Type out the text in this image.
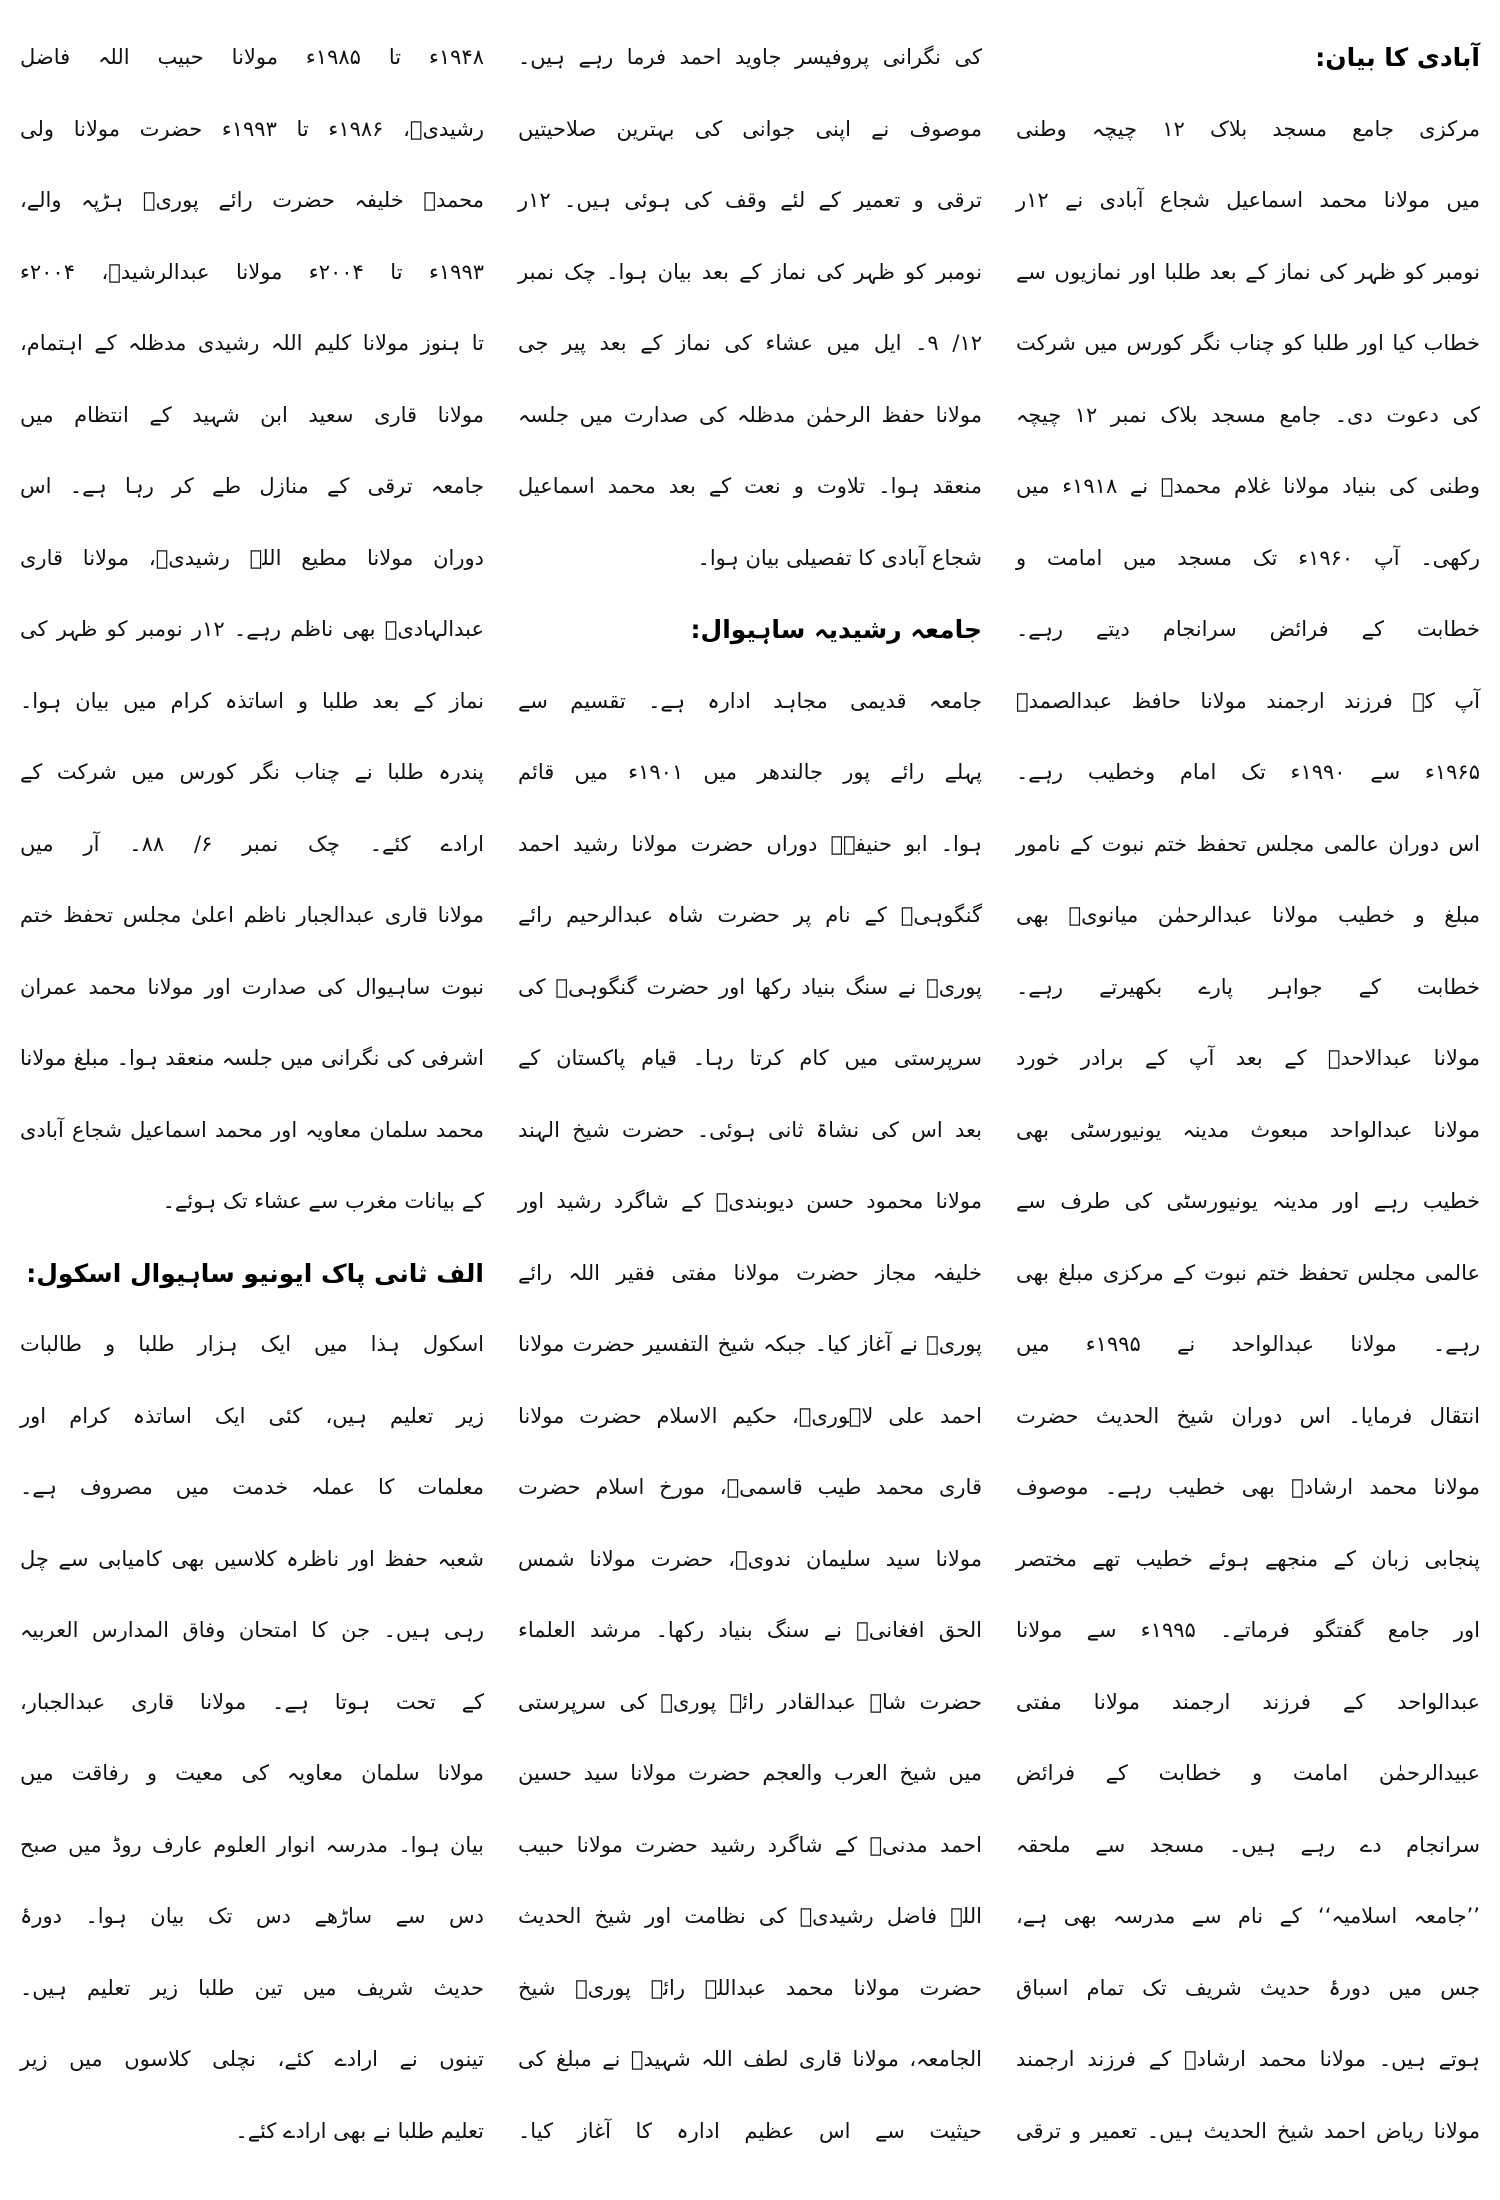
آبادی کا بیان:
مرکزی جامع مسجد بلاک ۱۲ چیچہ وطنی
میں مولانا محمد اسماعیل شجاع آبادی نے ۱۲ر
نومبر کو ظہر کی نماز کے بعد طلبا اور نمازیوں سے
خطاب کیا اور طلبا کو چناب نگر کورس میں شرکت
کی دعوت دی۔ جامع مسجد بلاک نمبر ۱۲ چیچہ
وطنی کی بنیاد مولانا غلام محمدؒ نے ۱۹۱۸ء میں
رکھی۔ آپ ۱۹۶۰ء تک مسجد میں امامت و
خطابت کے فرائض سرانجام دیتے رہے۔
آپ کے فرزند ارجمند مولانا حافظ عبدالصمدؒ
۱۹۶۵ء سے ۱۹۹۰ء تک امام وخطیب رہے۔
اس دوران عالمی مجلس تحفظ ختم نبوت کے نامور
مبلغ و خطیب مولانا عبدالرحمٰن میانویؒ بھی
خطابت کے جواہر پارے بکھیرتے رہے۔
مولانا عبدالاحدؒ کے بعد آپ کے برادر خورد
مولانا عبدالواحد مبعوث مدینہ یونیورسٹی بھی
خطیب رہے اور مدینہ یونیورسٹی کی طرف سے
عالمی مجلس تحفظ ختم نبوت کے مرکزی مبلغ بھی
رہے۔ مولانا عبدالواحد نے ۱۹۹۵ء میں
انتقال فرمایا۔ اس دوران شیخ الحدیث حضرت
مولانا محمد ارشادؒ بھی خطیب رہے۔ موصوف
پنجابی زبان کے منجھے ہوئے خطیب تھے مختصر
اور جامع گفتگو فرماتے۔ ۱۹۹۵ء سے مولانا
عبدالواحد کے فرزند ارجمند مولانا مفتی
عبیدالرحمٰن امامت و خطابت کے فرائض
سرانجام دے رہے ہیں۔ مسجد سے ملحقہ
’’جامعہ اسلامیہ‘‘ کے نام سے مدرسہ بھی ہے،
جس میں دورۂ حدیث شریف تک تمام اسباق
ہوتے ہیں۔ مولانا محمد ارشادؒ کے فرزند ارجمند
مولانا ریاض احمد شیخ الحدیث ہیں۔ تعمیر و ترقی
کی نگرانی پروفیسر جاوید احمد فرما رہے ہیں۔
موصوف نے اپنی جوانی کی بہترین صلاحیتیں
ترقی و تعمیر کے لئے وقف کی ہوئی ہیں۔ ۱۲ر
نومبر کو ظہر کی نماز کے بعد بیان ہوا۔ چک نمبر
۱۲/ ۹۔ ایل میں عشاء کی نماز کے بعد پیر جی
مولانا حفظ الرحمٰن مدظلہ کی صدارت میں جلسہ
منعقد ہوا۔ تلاوت و نعت کے بعد محمد اسماعیل
شجاع آبادی کا تفصیلی بیان ہوا۔
جامعہ رشیدیہ ساہیوال:
جامعہ قدیمی مجاہد ادارہ ہے۔ تقسیم سے
پہلے رائے پور جالندھر میں ۱۹۰۱ء میں قائم
ہوا۔ ابو حنیفہؒ دوراں حضرت مولانا رشید احمد
گنگوہیؒ کے نام پر حضرت شاہ عبدالرحیم رائے
پوریؒ نے سنگ بنیاد رکھا اور حضرت گنگوہیؒ کی
سرپرستی میں کام کرتا رہا۔ قیام پاکستان کے
بعد اس کی نشاۃ ثانی ہوئی۔ حضرت شیخ الہند
مولانا محمود حسن دیوبندیؒ کے شاگرد رشید اور
خلیفہ مجاز حضرت مولانا مفتی فقیر اللہ رائے
پوریؒ نے آغاز کیا۔ جبکہ شیخ التفسیر حضرت مولانا
احمد علی لاہوریؒ، حکیم الاسلام حضرت مولانا
قاری محمد طیب قاسمیؒ، مورخ اسلام حضرت
مولانا سید سلیمان ندویؒ، حضرت مولانا شمس
الحق افغانیؒ نے سنگ بنیاد رکھا۔ مرشد العلماء
حضرت شاہ عبدالقادر رائے پوریؒ کی سرپرستی
میں شیخ العرب والعجم حضرت مولانا سید حسین
احمد مدنیؒ کے شاگرد رشید حضرت مولانا حبیب
اللہ فاضل رشیدیؒ کی نظامت اور شیخ الحدیث
حضرت مولانا محمد عبداللہ رائے پوریؒ شیخ
الجامعہ، مولانا قاری لطف اللہ شہیدؒ نے مبلغ کی
حیثیت سے اس عظیم ادارہ کا آغاز کیا۔
۱۹۴۸ء تا ۱۹۸۵ء مولانا حبیب اللہ فاضل
رشیدیؒ، ۱۹۸۶ء تا ۱۹۹۳ء حضرت مولانا ولی
محمدؒ خلیفہ حضرت رائے پوریؒ ہڑپہ والے،
۱۹۹۳ء تا ۲۰۰۴ء مولانا عبدالرشیدؒ، ۲۰۰۴ء
تا ہنوز مولانا کلیم اللہ رشیدی مدظلہ کے اہتمام،
مولانا قاری سعید ابن شہید کے انتظام میں
جامعہ ترقی کے منازل طے کر رہا ہے۔ اس
دوران مولانا مطیع اللہ رشیدیؒ، مولانا قاری
عبدالہادیؒ بھی ناظم رہے۔ ۱۲ر نومبر کو ظہر کی
نماز کے بعد طلبا و اساتذہ کرام میں بیان ہوا۔
پندرہ طلبا نے چناب نگر کورس میں شرکت کے
ارادے کئے۔ چک نمبر ۶/ ۸۸۔ آر میں
مولانا قاری عبدالجبار ناظم اعلیٰ مجلس تحفظ ختم
نبوت ساہیوال کی صدارت اور مولانا محمد عمران
اشرفی کی نگرانی میں جلسہ منعقد ہوا۔ مبلغ مولانا
محمد سلمان معاویہ اور محمد اسماعیل شجاع آبادی
کے بیانات مغرب سے عشاء تک ہوئے۔
الف ثانی پاک ایونیو ساہیوال اسکول:
اسکول ہذا میں ایک ہزار طلبا و طالبات
زیر تعلیم ہیں، کئی ایک اساتذہ کرام اور
معلمات کا عملہ خدمت میں مصروف ہے۔
شعبہ حفظ اور ناظرہ کلاسیں بھی کامیابی سے چل
رہی ہیں۔ جن کا امتحان وفاق المدارس العربیہ
کے تحت ہوتا ہے۔ مولانا قاری عبدالجبار،
مولانا سلمان معاویہ کی معیت و رفاقت میں
بیان ہوا۔ مدرسہ انوار العلوم عارف روڈ میں صبح
دس سے ساڑھے دس تک بیان ہوا۔ دورۂ
حدیث شریف میں تین طلبا زیر تعلیم ہیں۔
تینوں نے ارادے کئے، نچلی کلاسوں میں زیر
تعلیم طلبا نے بھی ارادے کئے۔
